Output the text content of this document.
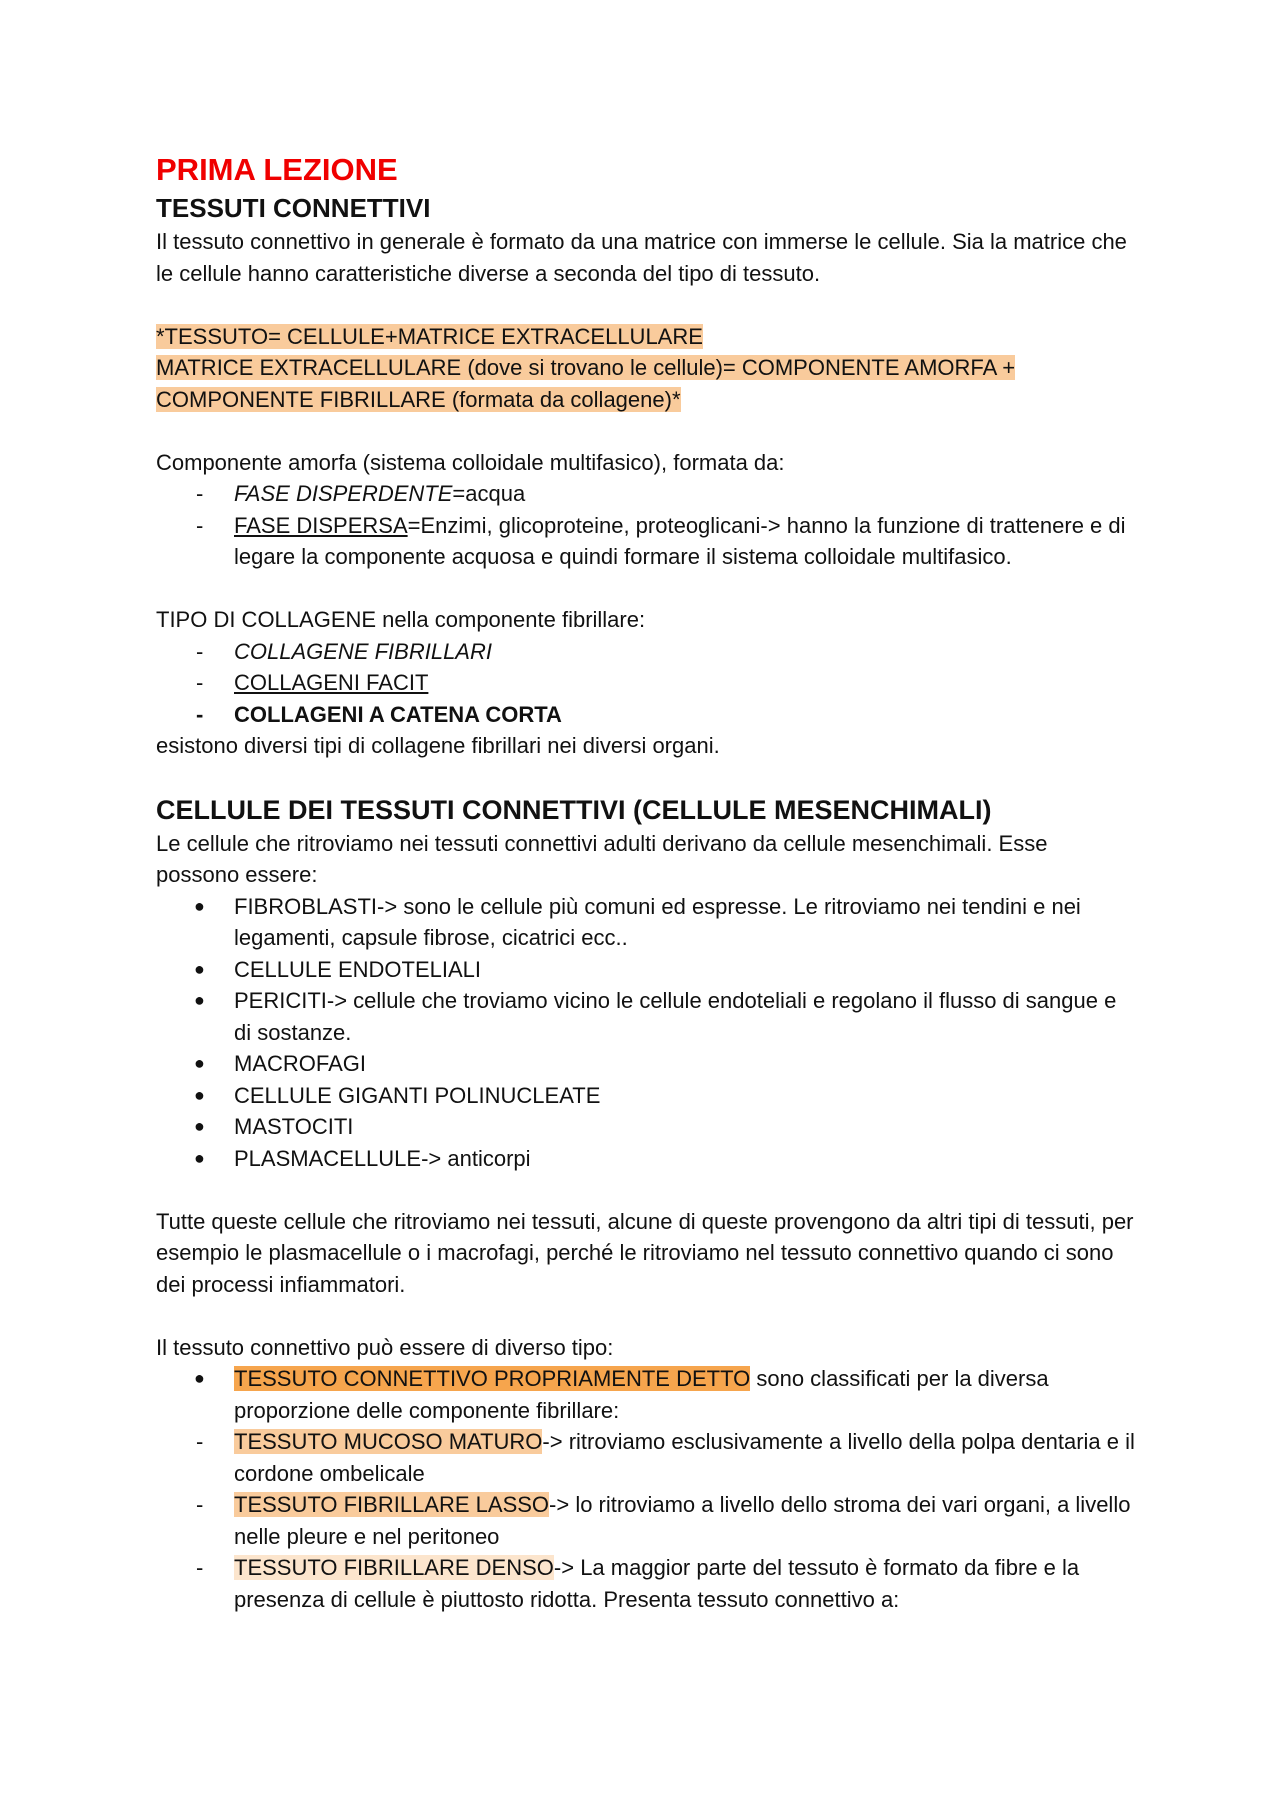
PRIMA LEZIONE
TESSUTI CONNETTIVI

Il tessuto connettivo in generale è formato da una matrice con immerse le cellule. Sia la matrice che le cellule hanno caratteristiche diverse a seconda del tipo di tessuto.

*TESSUTO= CELLULE+MATRICE EXTRACELLULARE
MATRICE EXTRACELLULARE (dove si trovano le cellule)= COMPONENTE AMORFA +
COMPONENTE FIBRILLARE (formata da collagene)*

Componente amorfa (sistema colloidale multifasico), formata da:

- FASE DISPERDENTE=acqua
- FASE DISPERSA=Enzimi, glicoproteine, proteoglicani-> hanno la funzione di trattenere e di legare la componente acquosa e quindi formare il sistema colloidale multifasico.

TIPO DI COLLAGENE nella componente fibrillare:

- COLLAGENE FIBRILLARI
- COLLAGENI FACIT
- COLLAGENI A CATENA CORTA

esistono diversi tipi di collagene fibrillari nei diversi organi.

CELLULE DEI TESSUTI CONNETTIVI (CELLULE MESENCHIMALI)

Le cellule che ritroviamo nei tessuti connettivi adulti derivano da cellule mesenchimali. Esse possono essere:

● FIBROBLASTI-> sono le cellule più comuni ed espresse. Le ritroviamo nei tendini e nei legamenti, capsule fibrose, cicatrici ecc..
● CELLULE ENDOTELIALI
● PERICITI-> cellule che troviamo vicino le cellule endoteliali e regolano il flusso di sangue e di sostanze.
● MACROFAGI
● CELLULE GIGANTI POLINUCLEATE
● MASTOCITI
● PLASMACELLULE-> anticorpi

Tutte queste cellule che ritroviamo nei tessuti, alcune di queste provengono da altri tipi di tessuti, per esempio le plasmacellule o i macrofagi, perché le ritroviamo nel tessuto connettivo quando ci sono dei processi infiammatori.

Il tessuto connettivo può essere di diverso tipo:

● TESSUTO CONNETTIVO PROPRIAMENTE DETTO sono classificati per la diversa proporzione delle componente fibrillare:
- TESSUTO MUCOSO MATURO-> ritroviamo esclusivamente a livello della polpa dentaria e il cordone ombelicale
- TESSUTO FIBRILLARE LASSO-> lo ritroviamo a livello dello stroma dei vari organi, a livello nelle pleure e nel peritoneo
- TESSUTO FIBRILLARE DENSO-> La maggior parte del tessuto è formato da fibre e la presenza di cellule è piuttosto ridotta. Presenta tessuto connettivo a:
